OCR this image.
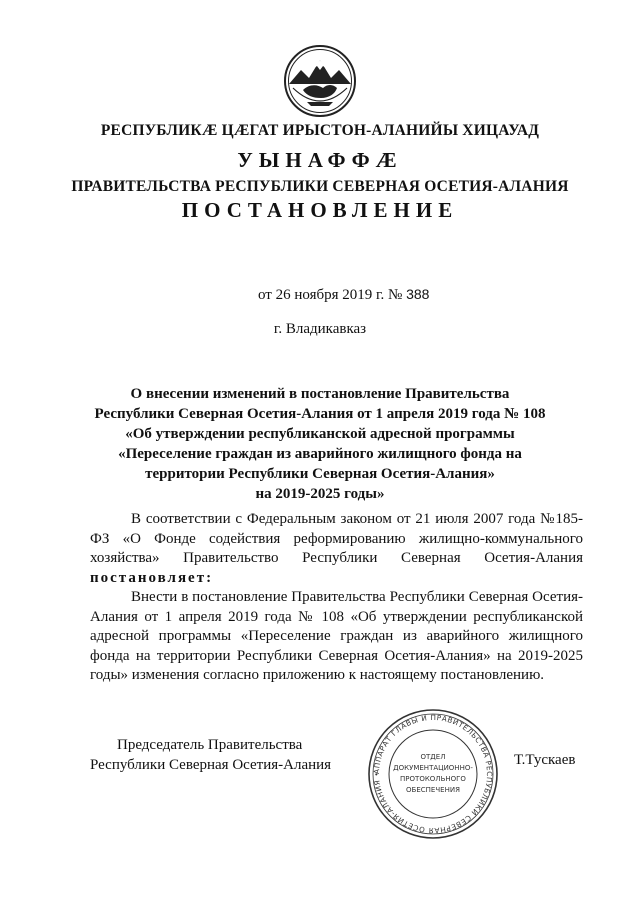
РЕСПУБЛИКÆ ЦÆГАТ ИРЫСТОН-АЛАНИЙЫ ХИЦАУАД
УЫНАФФÆ
ПРАВИТЕЛЬСТВА РЕСПУБЛИКИ СЕВЕРНАЯ ОСЕТИЯ-АЛАНИЯ
ПОСТАНОВЛЕНИЕ
от 26 ноября 2019 г. № 388
г. Владикавказ
О внесении изменений в постановление Правительства
Республики Северная Осетия-Алания от 1 апреля 2019 года № 108
«Об утверждении республиканской адресной программы
«Переселение граждан из аварийного жилищного фонда на
территории Республики Северная Осетия-Алания»
на 2019-2025 годы»

В соответствии с Федеральным законом от 21 июля 2007 года №185-ФЗ «О Фонде содействия реформированию жилищно-коммунального хозяйства» Правительство Республики Северная Осетия-Алания постановляет:

Внести в постановление Правительства Республики Северная Осетия-Алания от 1 апреля 2019 года № 108 «Об утверждении республиканской адресной программы «Переселение граждан из аварийного жилищного фонда на территории Республики Северная Осетия-Алания» на 2019-2025 годы» изменения согласно приложению к настоящему постановлению.

Председатель Правительства
Республики Северная Осетия-Алания	Т.Тускаев
АППАРАТ ГЛАВЫ И ПРАВИТЕЛЬСТВА РЕСПУБЛИКИ СЕВЕРНАЯ ОСЕТИЯ-АЛАНИЯ •
ОТДЕЛ
ДОКУМЕНТАЦИОННО-
ПРОТОКОЛЬНОГО
ОБЕСПЕЧЕНИЯ
